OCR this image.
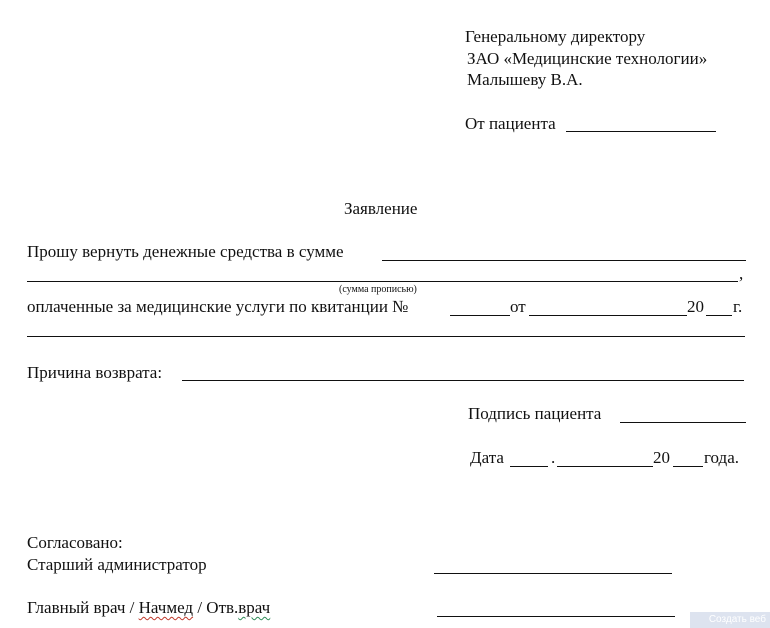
Генеральному директору
ЗАО «Медицинские технологии»
Малышеву В.А.
От пациента
Заявление
Прошу вернуть денежные средства в сумме
,
(сумма прописью)
оплаченные за медицинские услуги по квитанции №	от	20 г.
Причина возврата:
Подпись пациента
Дата	.	20 года.
Согласовано:
Старший администратор
Главный врач / Начмед / Отв.врач
Создать веб
